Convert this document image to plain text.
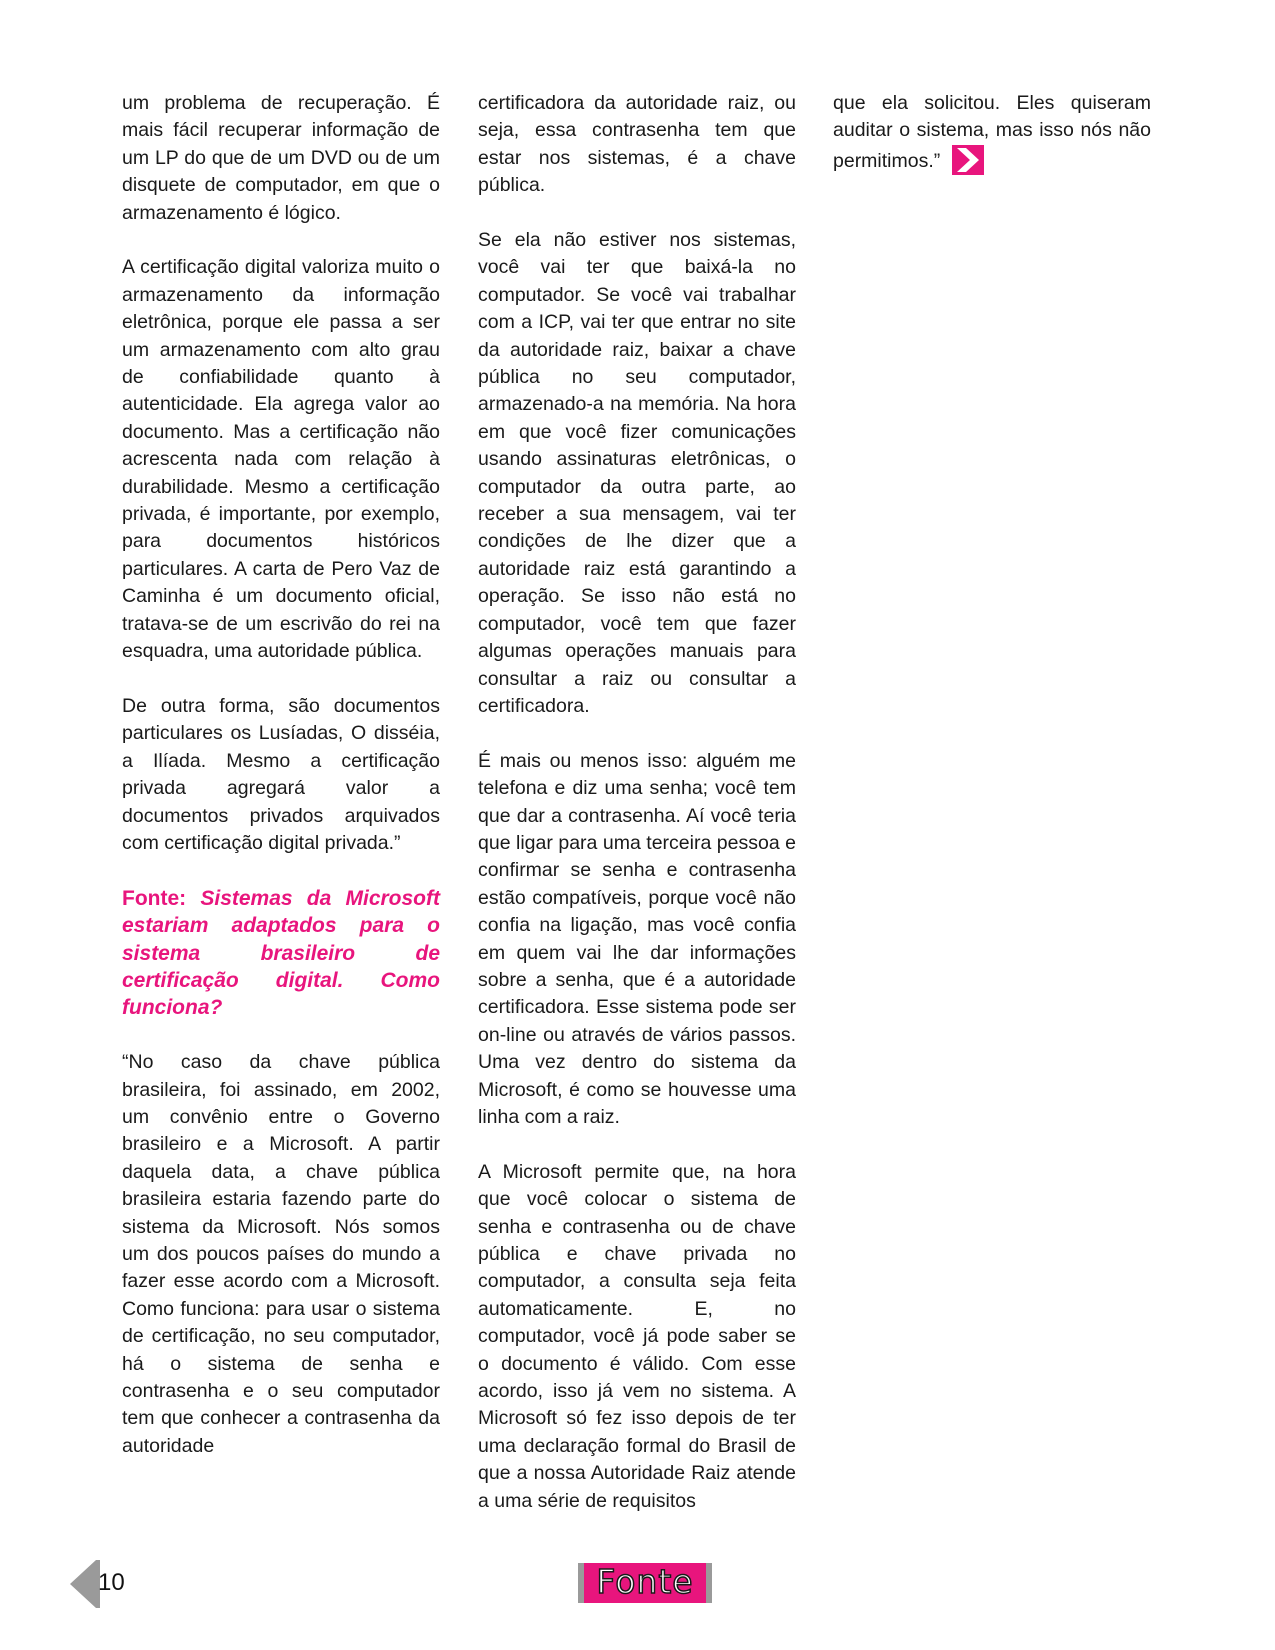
um problema de recuperação. É mais fácil recuperar informação de um LP do que de um DVD ou de um disquete de computador, em que o armazenamento é lógico.

A certificação digital valoriza muito o armazenamento da informação eletrônica, porque ele passa a ser um armazenamento com alto grau de confiabilidade quanto à autenticidade. Ela agrega valor ao documento. Mas a certificação não acrescenta nada com relação à durabilidade. Mesmo a certificação privada, é importante, por exemplo, para documentos históricos particulares. A carta de Pero Vaz de Caminha é um documento oficial, tratava-se de um escrivão do rei na esquadra, uma autoridade pública.

De outra forma, são documentos particulares os Lusíadas, O disséia, a Ilíada. Mesmo a certificação privada agregará valor a documentos privados arquivados com certificação digital privada.”

Fonte: Sistemas da Microsoft estariam adaptados para o sistema brasileiro de certificação digital. Como funciona?

“No caso da chave pública brasileira, foi assinado, em 2002, um convênio entre o Governo brasileiro e a Microsoft. A partir daquela data, a chave pública brasileira estaria fazendo parte do sistema da Microsoft. Nós somos um dos poucos países do mundo a fazer esse acordo com a Microsoft. Como funciona: para usar o sistema de certificação, no seu computador, há o sistema de senha e contrasenha e o seu computador tem que conhecer a contrasenha da autoridade

certificadora da autoridade raiz, ou seja, essa contrasenha tem que estar nos sistemas, é a chave pública.

Se ela não estiver nos sistemas, você vai ter que baixá-la no computador. Se você vai trabalhar com a ICP, vai ter que entrar no site da autoridade raiz, baixar a chave pública no seu computador, armazenado-a na memória. Na hora em que você fizer comunicações usando assinaturas eletrônicas, o computador da outra parte, ao receber a sua mensagem, vai ter condições de lhe dizer que a autoridade raiz está garantindo a operação. Se isso não está no computador, você tem que fazer algumas operações manuais para consultar a raiz ou consultar a certificadora.

É mais ou menos isso: alguém me telefona e diz uma senha; você tem que dar a contrasenha. Aí você teria que ligar para uma terceira pessoa e confirmar se senha e contrasenha estão compatíveis, porque você não confia na ligação, mas você confia em quem vai lhe dar informações sobre a senha, que é a autoridade certificadora. Esse sistema pode ser on-line ou através de vários passos. Uma vez dentro do sistema da Microsoft, é como se houvesse uma linha com a raiz.

A Microsoft permite que, na hora que você colocar o sistema de senha e contrasenha ou de chave pública e chave privada no computador, a consulta seja feita automaticamente. E, no computador, você já pode saber se o documento é válido. Com esse acordo, isso já vem no sistema. A Microsoft só fez isso depois de ter uma declaração formal do Brasil de que a nossa Autoridade Raiz atende a uma série de requisitos

que ela solicitou. Eles quiseram auditar o sistema, mas isso nós não permitimos.”

10	Fonte
